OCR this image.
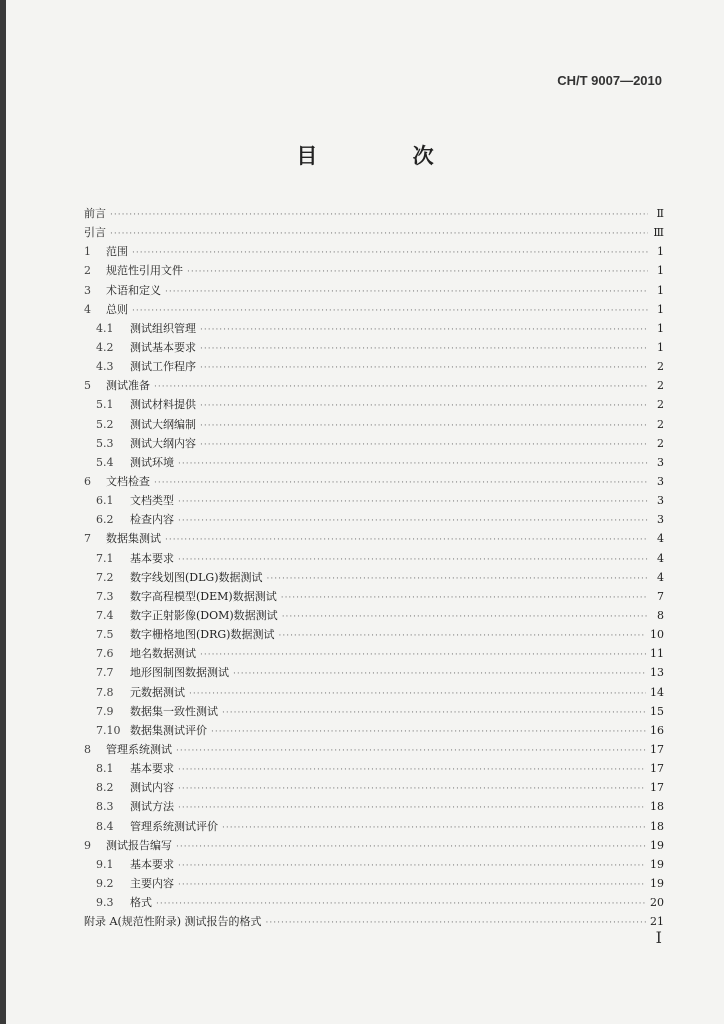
CH/T 9007—2010
目 次
前言 ·····	Ⅱ
引言 ·····	Ⅲ
1	范围 ·····	1
2	规范性引用文件 ·····	1
3	术语和定义 ·····	1
4	总则 ·····	1
4.1	测试组织管理 ·····	1
4.2	测试基本要求 ·····	1
4.3	测试工作程序 ·····	2
5	测试准备 ·····	2
5.1	测试材料提供 ·····	2
5.2	测试大纲编制 ·····	2
5.3	测试大纲内容 ·····	2
5.4	测试环境 ·····	3
6	文档检查 ·····	3
6.1	文档类型 ·····	3
6.2	检查内容 ·····	3
7	数据集测试 ·····	4
7.1	基本要求 ·····	4
7.2	数字线划图(DLG)数据测试 ·····	4
7.3	数字高程模型(DEM)数据测试 ·····	7
7.4	数字正射影像(DOM)数据测试 ·····	8
7.5	数字栅格地图(DRG)数据测试 ·····	10
7.6	地名数据测试 ·····	11
7.7	地形图制图数据测试 ·····	13
7.8	元数据测试 ·····	14
7.9	数据集一致性测试 ·····	15
7.10 数据集测试评价 ·····	16
8	管理系统测试 ·····	17
8.1	基本要求 ·····	17
8.2	测试内容 ·····	17
8.3	测试方法 ·····	18
8.4	管理系统测试评价 ·····	18
9	测试报告编写 ·····	19
9.1	基本要求 ·····	19
9.2	主要内容 ·····	19
9.3	格式 ·····	20
附录 A(规范性附录) 测试报告的格式 ·····	21
Ⅰ
